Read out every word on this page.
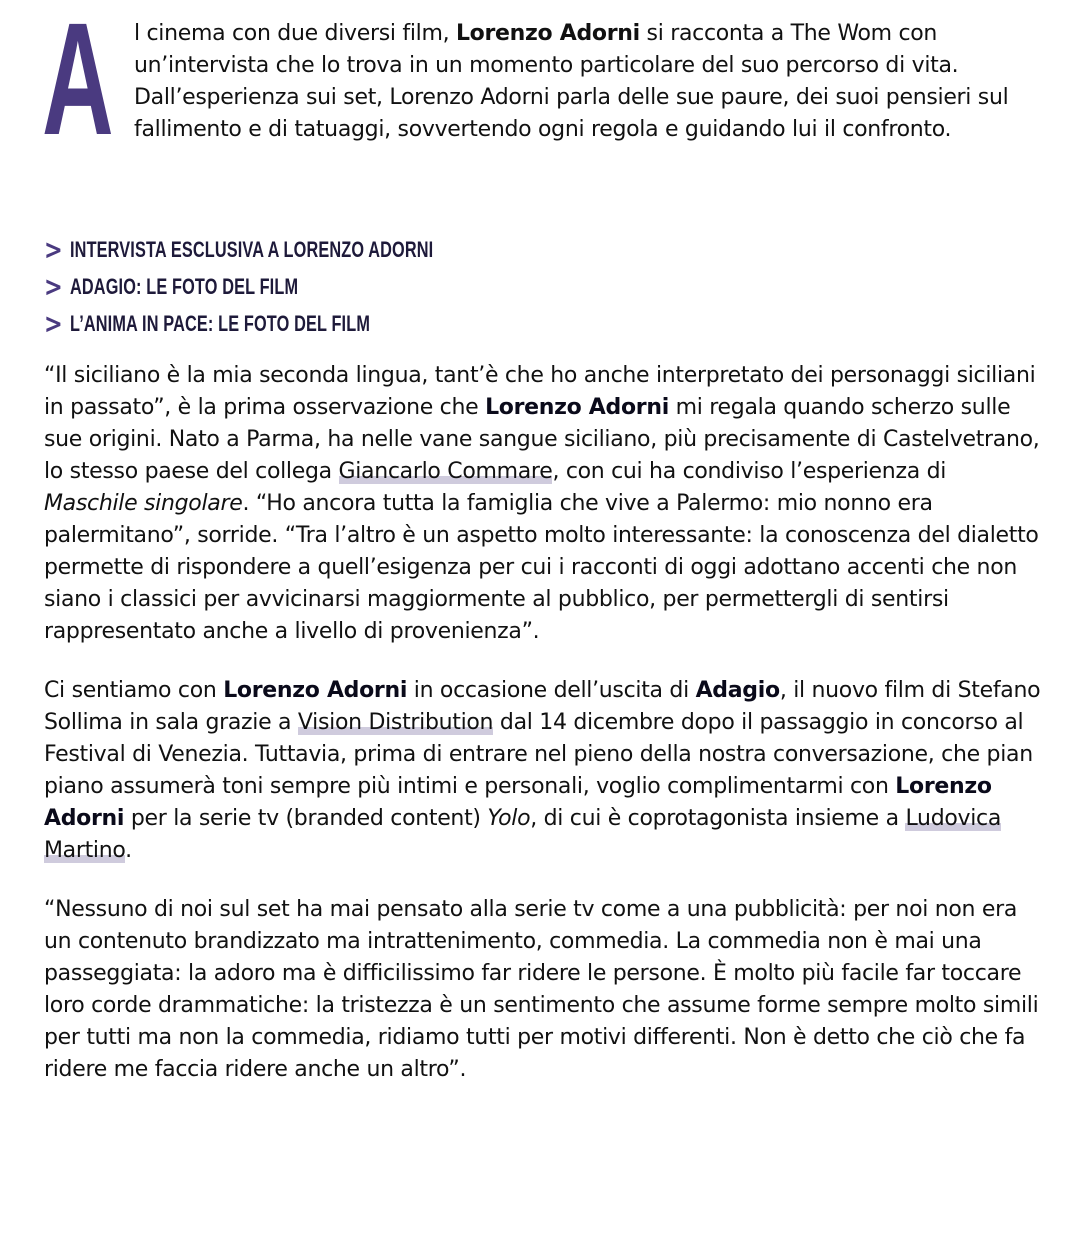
A l cinema con due diversi film, Lorenzo Adorni si racconta a The Wom con un’intervista che lo trova in un momento particolare del suo percorso di vita. Dall’esperienza sui set, Lorenzo Adorni parla delle sue paure, dei suoi pensieri sul fallimento e di tatuaggi, sovvertendo ogni regola e guidando lui il confronto.

> INTERVISTA ESCLUSIVA A LORENZO ADORNI
> ADAGIO: LE FOTO DEL FILM
> L’ANIMA IN PACE: LE FOTO DEL FILM

“Il siciliano è la mia seconda lingua, tant’è che ho anche interpretato dei personaggi siciliani in passato”, è la prima osservazione che Lorenzo Adorni mi regala quando scherzo sulle sue origini. Nato a Parma, ha nelle vane sangue siciliano, più precisamente di Castelvetrano, lo stesso paese del collega Giancarlo Commare, con cui ha condiviso l’esperienza di Maschile singolare. “Ho ancora tutta la famiglia che vive a Palermo: mio nonno era palermitano”, sorride. “Tra l’altro è un aspetto molto interessante: la conoscenza del dialetto permette di rispondere a quell’esigenza per cui i racconti di oggi adottano accenti che non siano i classici per avvicinarsi maggiormente al pubblico, per permettergli di sentirsi rappresentato anche a livello di provenienza”.

Ci sentiamo con Lorenzo Adorni in occasione dell’uscita di Adagio, il nuovo film di Stefano Sollima in sala grazie a Vision Distribution dal 14 dicembre dopo il passaggio in concorso al Festival di Venezia. Tuttavia, prima di entrare nel pieno della nostra conversazione, che pian piano assumerà toni sempre più intimi e personali, voglio complimentarmi con Lorenzo Adorni per la serie tv (branded content) Yolo, di cui è coprotagonista insieme a Ludovica Martino.

“Nessuno di noi sul set ha mai pensato alla serie tv come a una pubblicità: per noi non era un contenuto brandizzato ma intrattenimento, commedia. La commedia non è mai una passeggiata: la adoro ma è difficilissimo far ridere le persone. È molto più facile far toccare loro corde drammatiche: la tristezza è un sentimento che assume forme sempre molto simili per tutti ma non la commedia, ridiamo tutti per motivi differenti. Non è detto che ciò che fa ridere me faccia ridere anche un altro”.
